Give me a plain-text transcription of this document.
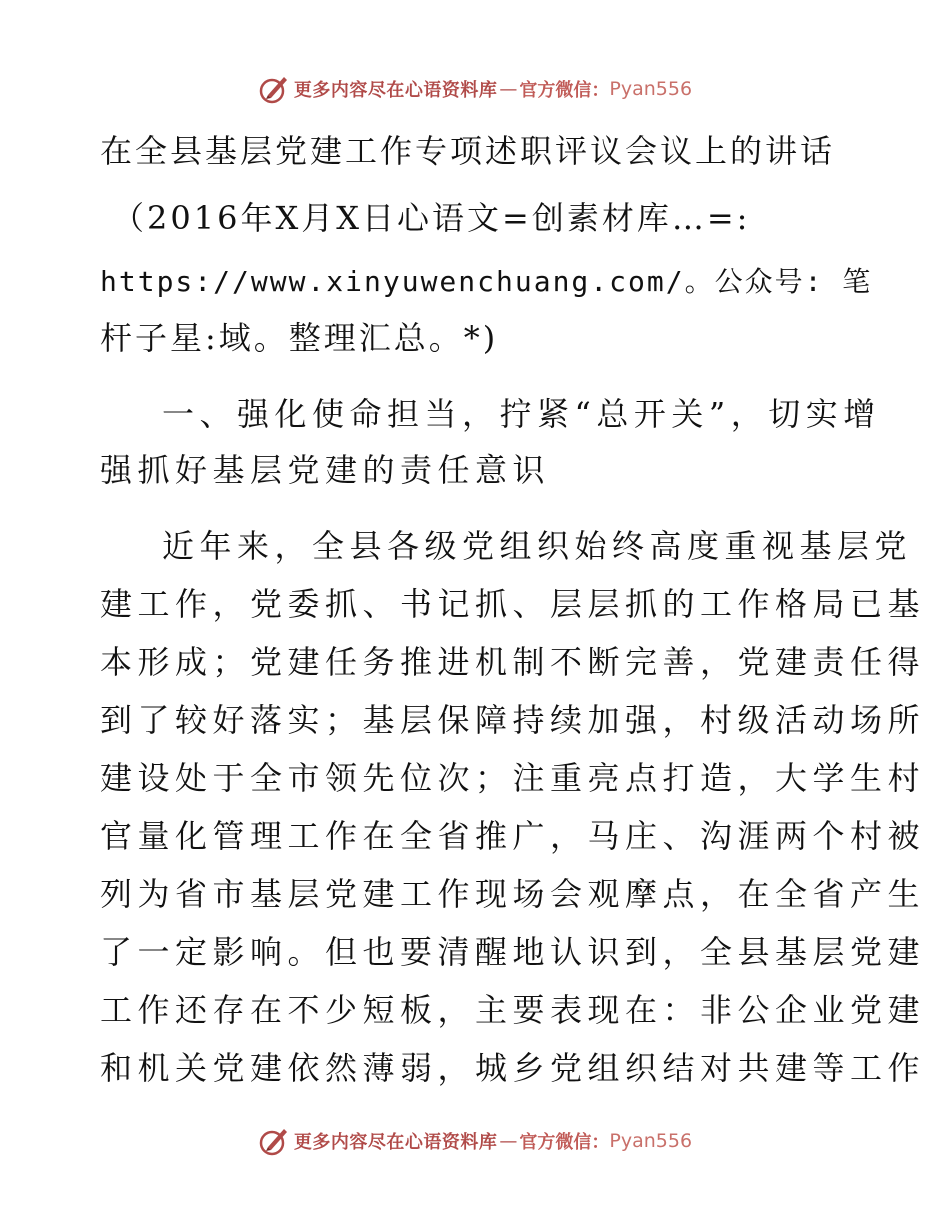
更多内容尽在心语资料库 — 官方微信： Pyan556
在全县基层党建工作专项述职评议会议上的讲话
（2016年X月X日心语文=创素材库…=:
https://www.xinyuwenchuang.com/。公众号: 笔
杆子星:域。整理汇总。*)
一、强化使命担当，拧紧“总开关”，切实增
强抓好基层党建的责任意识
近年来，全县各级党组织始终高度重视基层党
建工作，党委抓、书记抓、层层抓的工作格局已基
本形成；党建任务推进机制不断完善，党建责任得
到了较好落实；基层保障持续加强，村级活动场所
建设处于全市领先位次；注重亮点打造，大学生村
官量化管理工作在全省推广，马庄、沟涯两个村被
列为省市基层党建工作现场会观摩点，在全省产生
了一定影响。但也要清醒地认识到，全县基层党建
工作还存在不少短板，主要表现在：非公企业党建
和机关党建依然薄弱，城乡党组织结对共建等工作
更多内容尽在心语资料库 — 官方微信： Pyan556
